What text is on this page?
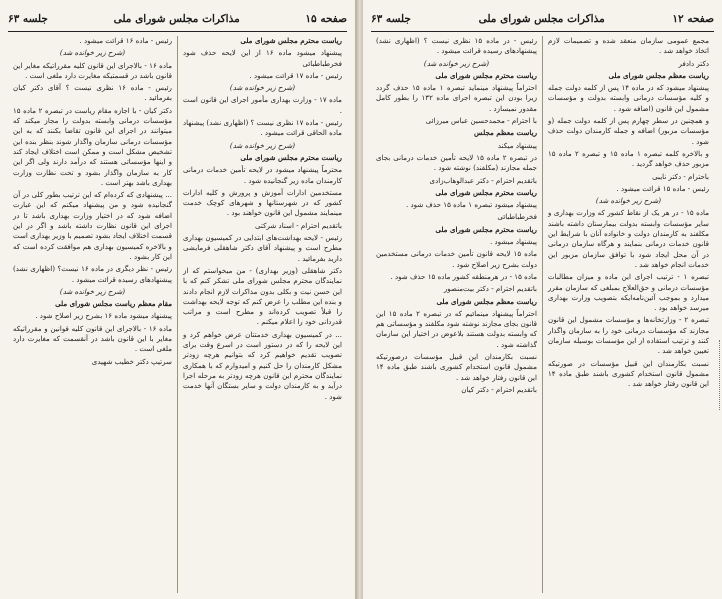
صفحه ۱۵
مذاکرات مجلس شورای ملی
جلسه ۶۳

ریاست محترم مجلس شورای ملی

پیشنهاد میشود ماده ۱۶ از این لایحه حذف شود فخرطباطبائی

رئیس - ماده ۱۷ قرائت میشود .

(شرح زیر خوانده شد)

ماده ۱۷ - وزارت بهداری مأمور اجرای این قانون است .

رئیس - ماده ۱۷ نظری نیست ؟ (اظهاری نشد) پیشنهاد ماده الحاقی قرائت میشود .

(شرح زیر خوانده شد)

ریاست محترم مجلس شورای ملی

محترماً پیشنهاد میشود در لایحه تأمین خدمات درمانی کارمندان ماده زیر گنجانیده شود .

مستخدمین ادارات آموزش و پرورش و کلیه ادارات کشور که در شهرستانها و شهرهای کوچک خدمت مینمایند مشمول این قانون خواهند بود .

باتقدیم احترام - اسناد شرکتی

رئیس - لایحه بهداشت‌های ابتدایی در کمیسیون بهداری مطرح است و پیشنهاد آقای دکتر شاهقلی فرمایشی دارید بفرمائید .

دکتر شاهقلی (وزیر بهداری) - من میخواستم که از نمایندگان محترم مجلس شورای ملی تشکر کنم که با این حسن نیت و بکلی بدون مذاکرات لازم انجام دادند و بنده این مطلب را عرض کنم که توجه لایحه بهداشت را قبلاً تصویب کرده‌اند و مطرح است و مراتب قدردانی خود را اعلام میکنم .

... در کمیسیون بهداری خدمتتان عرض خواهم کرد و این لایحه را که در دستور است در اسرع وقت برای تصویب تقدیم خواهیم کرد که بتوانیم هرچه زودتر مشکل کارمندان را حل کنیم و امیدوارم که با همکاری نمایندگان محترم این قانون هرچه زودتر به مرحله اجرا درآید و به کارمندان دولت و سایر بستگان آنها خدمت شود .

رئیس - ماده ۱۶ قرائت میشود .

(شرح زیر خوانده شد)

ماده ۱۶ - بالاجرای این قانون کلیه مقرراتیکه مغایر این قانون باشد در قسمتیکه مغایرت دارد ملغی است .

رئیس - ماده ۱۶ نظری نیست ؟ آقای دکتر کیان بفرمائید .

دکتر کیان - با اجازه مقام ریاست در تبصره ۲ ماده ۱۵ مؤسسات درمانی وابسته بدولت را مجاز میکند که میتوانند در اجرای این قانون تقاضا بکنند که به این مؤسسات درمانی سازمان واگذار شوند بنظر بنده این تشخیص مشکل است و ممکن است اختلاف ایجاد کند و اینها مؤسساتی هستند که درآمد دارند ولی اگر این کار به سازمان واگذار بشود و تحت نظارت وزارت بهداری باشد بهتر است .

... پیشنهادی که کرده‌ام که این ترتیب بطور کلی در آن گنجانیده شود و من پیشنهاد میکنم که این عبارت اضافه شود که در اختیار وزارت بهداری باشد تا در اجرای این قانون نظارت داشته باشد و اگر در این قسمت اختلاف ایجاد بشود تصمیم با وزیر بهداری است و بالاخره کمیسیون بهداری هم موافقت کرده است که این کار بشود .

رئیس - نظر دیگری در ماده ۱۶ نیست؟ (اظهاری نشد) پیشنهادهای رسیده قرائت میشود .

(شرح زیر خوانده شد)

مقام معظم ریاست مجلس شورای ملی

پیشنهاد میشود ماده ۱۶ بشرح زیر اصلاح شود .

ماده ۱۶ - بالاجرای این قانون کلیه قوانین و مقرراتیکه مغایر با این قانون باشد در آنقسمت که مغایرت دارد ملغی است .

سرتیپ دکتر خطیب شهیدی

صفحه ۱۲
مذاکرات مجلس شورای ملی
جلسه ۶۳

مجمع عمومی سازمان منعقد شده و تصمیمات لازم اتخاذ خواهد شد .

دکتر دادفر

ریاست معظم مجلس شورای ملی

پیشنهاد میشود که در ماده ۱۴ پس از کلمه دولت جمله و کلیه مؤسسات درمانی وابسته بدولت و مؤسسات مشمول این قانون (اضافه شود .

و همچنین در سطر چهارم پس از کلمه دولت جمله (و مؤسسات مزبور) اضافه و جمله کارمندان دولت حذف شود .

و بالاخره کلمه تبصره ۱ ماده ۱۵ و تبصره ۲ ماده ۱۵ مزبور حذف خواهد گردید .

باحترام - دکتر نایبی

رئیس - ماده ۱۵ قرائت میشود .

(شرح زیر خوانده شد)

ماده ۱۵ - در هر یک از نقاط کشور که وزارت بهداری و سایر مؤسسات وابسته بدولت بیمارستان داشته باشند مکلفند به کارمندان دولت و خانواده آنان با شرایط این قانون خدمات درمانی بنمایند و هرگاه سازمان درمانی در آن محل ایجاد شود با توافق سازمان مزبور این خدمات انجام خواهد شد .

تبصره ۱ - ترتیب اجرای این ماده و میزان مطالبات مؤسسات درمانی و حق‌العلاج بمبلغی که سازمان مقرر میدارد و بموجب آئین‌نامه‌ایکه بتصویب وزارت بهداری میرسد خواهد بود .

تبصره ۲ - وزارتخانه‌ها و مؤسسات مشمول این قانون مجازند که مؤسسات درمانی خود را به سازمان واگذار کنند و ترتیب استفاده از این مؤسسات بوسیله سازمان تعیین خواهد شد .

نسبت بکارمندان این قبیل مؤسسات در صورتیکه مشمول قانون استخدام کشوری باشند طبق ماده ۱۴ این قانون رفتار خواهد شد .

رئیس - در ماده ۱۵ نظری نیست ؟ (اظهاری نشد) پیشنهادهای رسیده قرائت میشود .

(شرح زیر خوانده شد)

ریاست محترم مجلس شورای ملی

احتراماً پیشنهاد مینماید تبصره ۱ ماده ۱۵ حذف گردد زیرا بودن این تبصره اجرای ماده ۱۳۲ را بطور کامل مقدور نمیسازد .

با احترام - محمدحسین عباس میرزائی

ریاست معظم مجلس

پیشنهاد میکند

در تبصره ۲ ماده ۱۵ لایحه تأمین خدمات درمانی بجای جمله مجازند (مکلفند) نوشته شود .

باتقدیم احترام - دکتر عبدالوهاب‌زادی

ریاست محترم مجلس شورای ملی

پیشنهاد میشود تبصره ۱ ماده ۱۵ حذف شود .

فخرطباطبائی

ریاست محترم مجلس شورای ملی

پیشنهاد میشود .

ماده ۱۵ لایحه قانون تأمین خدمات درمانی مستخدمین دولت بشرح زیر اصلاح شود .

ماده ۱۵ - در هرمنطقه کشور ماده ۱۵ حذف شود .

باتقدیم احترام - دکتر بیت‌منصور

ریاست معظم مجلس شورای ملی

احتراماً پیشنهاد مینمائیم که در تبصره ۲ ماده ۱۵ این قانون بجای مجازند نوشته شود مکلفند و مؤسساتی هم که وابسته بدولت هستند بلاعوض در اختیار این سازمان گذاشته شود .

نسبت بکارمندان این قبیل مؤسسات درصورتیکه مشمول قانون استخدام کشوری باشند طبق ماده ۱۴ این قانون رفتار خواهد شد .

باتقدیم احترام - دکتر کیان
